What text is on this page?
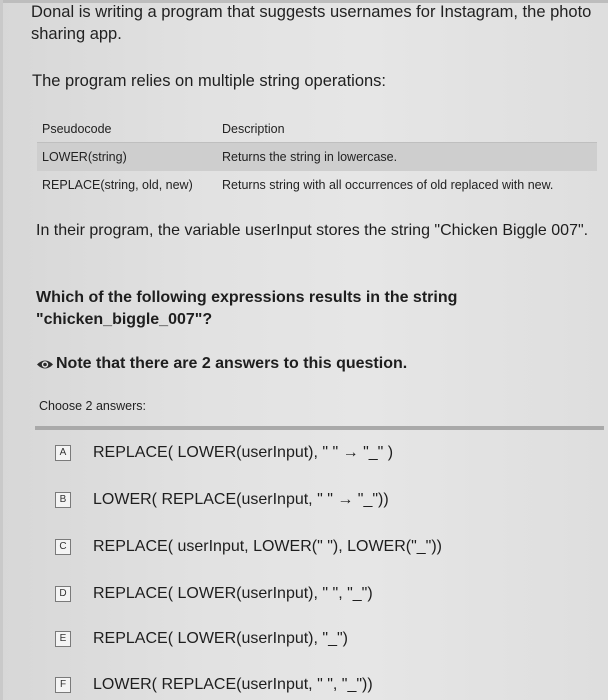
Donal is writing a program that suggests usernames for Instagram, the photo sharing app.
The program relies on multiple string operations:
Pseudocode	Description
LOWER(string)	Returns the string in lowercase.
REPLACE(string, old, new)	Returns string with all occurrences of old replaced with new.
In their program, the variable userInput stores the string "Chicken Biggle 007".
Which of the following expressions results in the string "chicken_biggle_007"?
Note that there are 2 answers to this question.
Choose 2 answers:
A REPLACE( LOWER(userInput), " " → "_" )
B LOWER( REPLACE(userInput, " " → "_"))
C REPLACE( userInput, LOWER(" "), LOWER("_"))
D REPLACE( LOWER(userInput), " ", "_")
E REPLACE( LOWER(userInput), "_")
F	LOWER( REPLACE(userInput, " ", "_"))
